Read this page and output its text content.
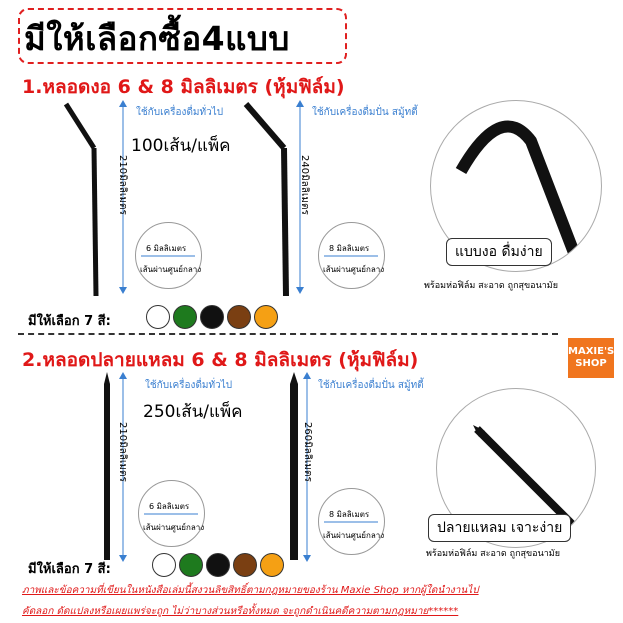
มีให้เลือกซื้อ4แบบ
1.หลอดงอ 6 & 8 มิลลิเมตร (หุ้มฟิล์ม)
ใช้กับเครื่องดื่มทั่วไป	ใช้กับเครื่องดื่มปั่น สมู้ทตี้
100เส้น/แพ็ค
210มิลลิเมตร	240มิลลิเมตร
6 มิลลิเมตร
เส้นผ่านศูนย์กลาง
8 มิลลิเมตร
เส้นผ่านศูนย์กลาง
แบบงอ ดื่มง่าย
พร้อมห่อฟิล์ม สะอาด ถูกสุขอนามัย
มีให้เลือก 7 สี:
MAXIE'S
SHOP
2.หลอดปลายแหลม 6 & 8 มิลลิเมตร (หุ้มฟิล์ม)
ใช้กับเครื่องดื่มทั่วไป	ใช้กับเครื่องดื่มปั่น สมู้ทตี้
250เส้น/แพ็ค
210มิลลิเมตร	260มิลลิเมตร
6 มิลลิเมตร
เส้นผ่านศูนย์กลาง
8 มิลลิเมตร
เส้นผ่านศูนย์กลาง	ปลายแหลม เจาะง่าย
พร้อมห่อฟิล์ม สะอาด ถูกสุขอนามัย
มีให้เลือก 7 สี:
ภาพและข้อความที่เขียนในหนังสือเล่มนี้สงวนลิขสิทธิ์ตามกฎหมายของร้าน Maxie Shop หากผู้ใดนำงานไป
คัดลอก ดัดแปลงหรือเผยแพร่จะถูก ไม่ว่าบางส่วนหรือทั้งหมด จะถูกดำเนินคดีความตามกฎหมาย******
